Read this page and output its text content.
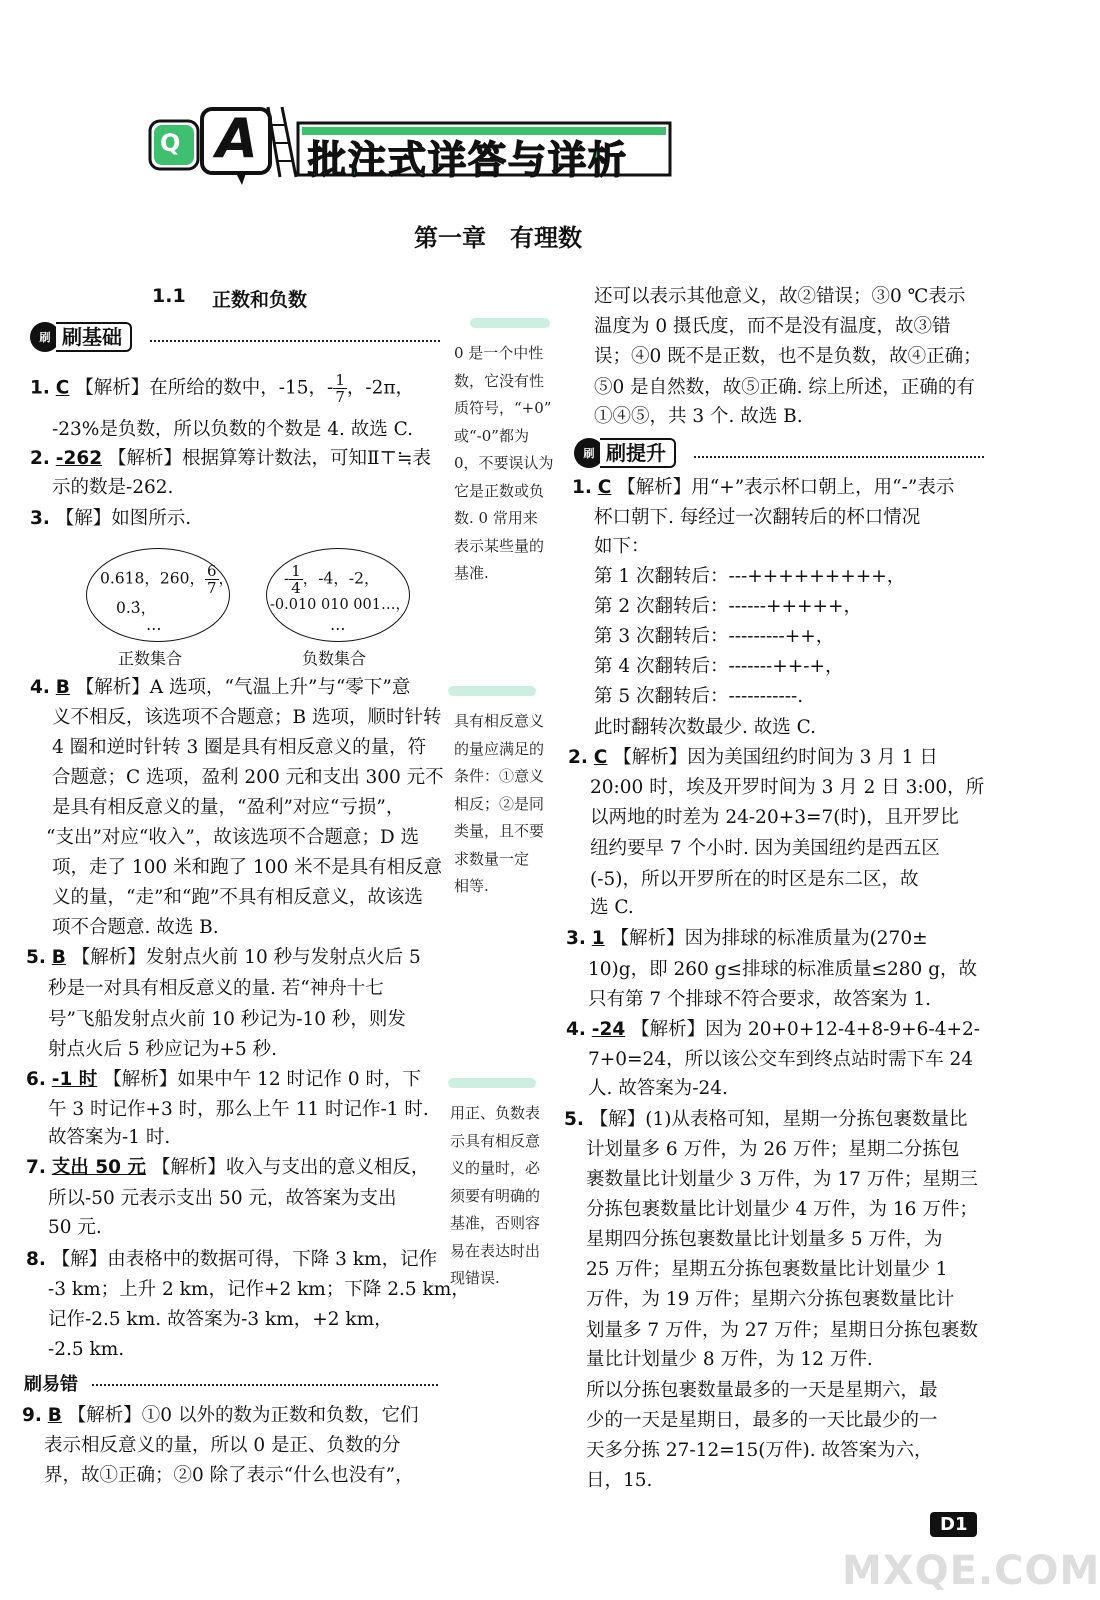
Q A 批注式详答与详析
第一章　有理数
1.1 正数和负数
刷 刷基础
1. C 【解析】在所给的数中，-15，- $\frac{1}{7}$ ，-2π，
-23%是负数，所以负数的个数是 4. 故选 C.
2. -262 【解析】根据算筹计数法，可知Ⅱ⊤≒表
示的数是-262.
3. 【解】如图所示.
0.618，260， $\frac{6}{7}$ ，
0.3̇，
…
正数集合
- $\frac{1}{4}$ ，-4，-2，
-0.010 010 001…，
…
负数集合
4. B 【解析】A 选项，“气温上升”与“零下”意
义不相反，该选项不合题意；B 选项，顺时针转
4 圈和逆时针转 3 圈是具有相反意义的量，符
合题意；C 选项，盈利 200 元和支出 300 元不
是具有相反意义的量，“盈利”对应“亏损”，
“支出”对应“收入”，故该选项不合题意；D 选
项，走了 100 米和跑了 100 米不是具有相反意
义的量，“走”和“跑”不具有相反意义，故该选
项不合题意. 故选 B.
5. B 【解析】发射点火前 10 秒与发射点火后 5
秒是一对具有相反意义的量. 若“神舟十七
号”飞船发射点火前 10 秒记为-10 秒，则发
射点火后 5 秒应记为+5 秒.
6. -1 时 【解析】如果中午 12 时记作 0 时，下
午 3 时记作+3 时，那么上午 11 时记作-1 时.
故答案为-1 时.
7. 支出 50 元 【解析】收入与支出的意义相反，
所以-50 元表示支出 50 元，故答案为支出
50 元.
8. 【解】由表格中的数据可得，下降 3 km，记作
-3 km；上升 2 km，记作+2 km；下降 2.5 km，
记作-2.5 km. 故答案为-3 km，+2 km，
-2.5 km.
刷易错
9. B 【解析】①0 以外的数为正数和负数，它们
表示相反意义的量，所以 0 是正、负数的分
界，故①正确；②0 除了表示“什么也没有”，
0 是一个中性
数，它没有性
质符号，“+0”
或“-0”都为
0，不要误认为
它是正数或负
数. 0 常用来
表示某些量的
基准.
具有相反意义
的量应满足的
条件：①意义
相反；②是同
类量，且不要
求数量一定
相等.
用正、负数表
示具有相反意
义的量时，必
须要有明确的
基准，否则容
易在表达时出
现错误.
还可以表示其他意义，故②错误；③0 ℃表示
温度为 0 摄氏度，而不是没有温度，故③错
误；④0 既不是正数，也不是负数，故④正确；
⑤0 是自然数，故⑤正确. 综上所述，正确的有
①④⑤，共 3 个. 故选 B.
刷 刷提升
1. C 【解析】用“+”表示杯口朝上，用“-”表示
杯口朝下. 每经过一次翻转后的杯口情况
如下：
第 1 次翻转后：---+++++++++，
第 2 次翻转后：------+++++，
第 3 次翻转后：---------++，
第 4 次翻转后：-------++-+，
第 5 次翻转后：-----------.
此时翻转次数最少. 故选 C.
2. C 【解析】因为美国纽约时间为 3 月 1 日
20:00 时，埃及开罗时间为 3 月 2 日 3:00，所
以两地的时差为 24-20+3=7(时)，且开罗比
纽约要早 7 个小时. 因为美国纽约是西五区
(-5)，所以开罗所在的时区是东二区，故
选 C.
3. 1 【解析】因为排球的标准质量为(270±
10)g，即 260 g≤排球的标准质量≤280 g，故
只有第 7 个排球不符合要求，故答案为 1.
4. -24 【解析】因为 20+0+12-4+8-9+6-4+2-
7+0=24，所以该公交车到终点站时需下车 24
人. 故答案为-24.
5. 【解】(1)从表格可知，星期一分拣包裹数量比
计划量多 6 万件，为 26 万件；星期二分拣包
裹数量比计划量少 3 万件，为 17 万件；星期三
分拣包裹数量比计划量少 4 万件，为 16 万件；
星期四分拣包裹数量比计划量多 5 万件，为
25 万件；星期五分拣包裹数量比计划量少 1
万件，为 19 万件；星期六分拣包裹数量比计
划量多 7 万件，为 27 万件；星期日分拣包裹数
量比计划量少 8 万件，为 12 万件.
所以分拣包裹数量最多的一天是星期六，最
少的一天是星期日，最多的一天比最少的一
天多分拣 27-12=15(万件). 故答案为六，
日，15.
D1
MXQE.COM
